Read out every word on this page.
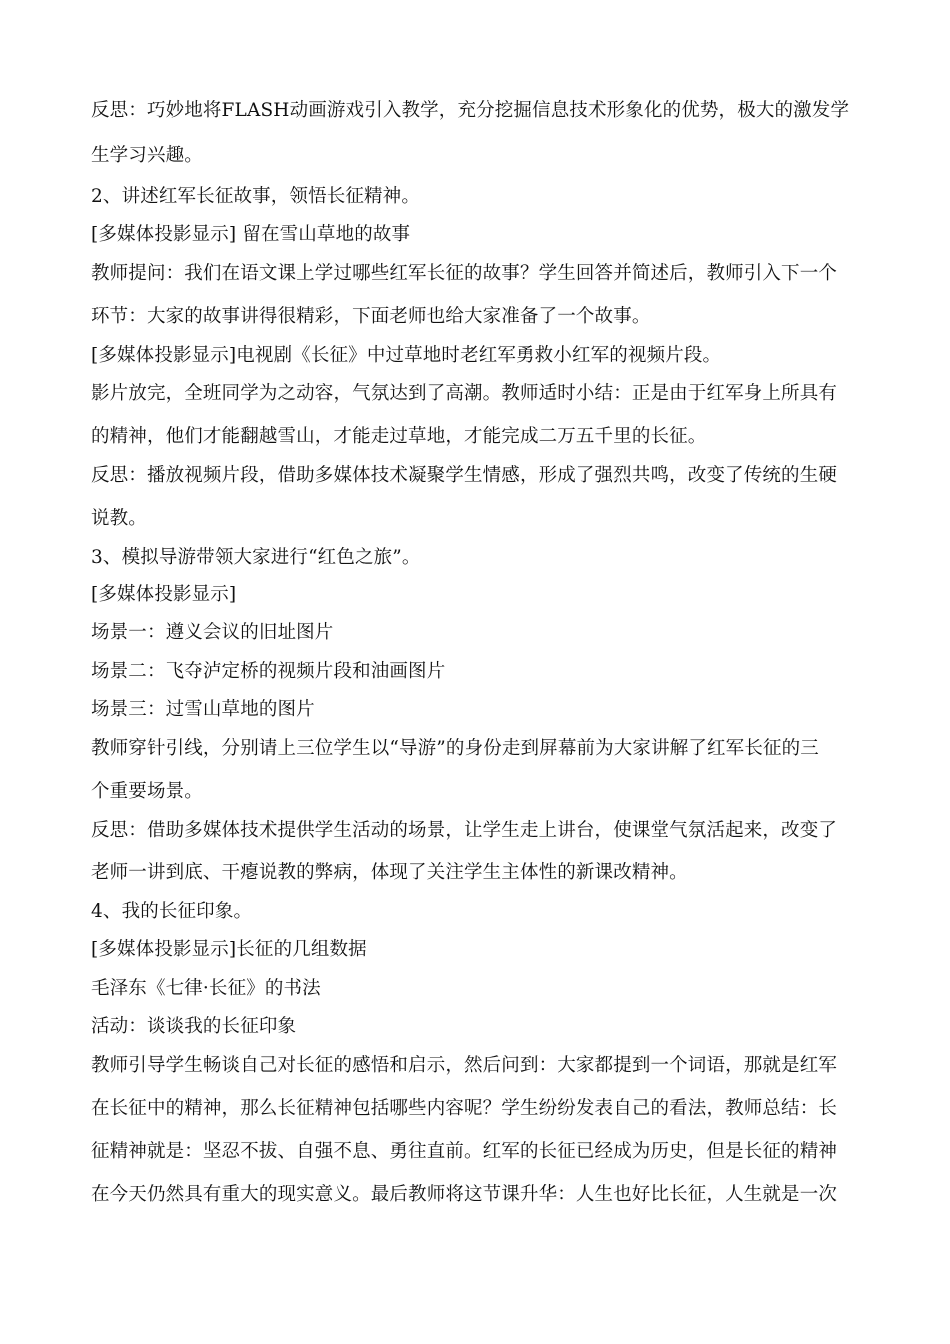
反思：巧妙地将FLASH动画游戏引入教学，充分挖掘信息技术形象化的优势，极大的激发学
生学习兴趣。
2、讲述红军长征故事，领悟长征精神。
[多媒体投影显示] 留在雪山草地的故事
教师提问：我们在语文课上学过哪些红军长征的故事？学生回答并简述后，教师引入下一个
环节：大家的故事讲得很精彩，下面老师也给大家准备了一个故事。
[多媒体投影显示]电视剧《长征》中过草地时老红军勇救小红军的视频片段。
影片放完，全班同学为之动容，气氛达到了高潮。教师适时小结：正是由于红军身上所具有
的精神，他们才能翻越雪山，才能走过草地，才能完成二万五千里的长征。
反思：播放视频片段，借助多媒体技术凝聚学生情感，形成了强烈共鸣，改变了传统的生硬
说教。
3、模拟导游带领大家进行“红色之旅”。
[多媒体投影显示]
场景一：遵义会议的旧址图片
场景二：飞夺泸定桥的视频片段和油画图片
场景三：过雪山草地的图片
教师穿针引线，分别请上三位学生以“导游”的身份走到屏幕前为大家讲解了红军长征的三
个重要场景。
反思：借助多媒体技术提供学生活动的场景，让学生走上讲台，使课堂气氛活起来，改变了
老师一讲到底、干瘪说教的弊病，体现了关注学生主体性的新课改精神。
4、我的长征印象。
[多媒体投影显示]长征的几组数据
毛泽东《七律·长征》的书法
活动：谈谈我的长征印象
教师引导学生畅谈自己对长征的感悟和启示，然后问到：大家都提到一个词语，那就是红军
在长征中的精神，那么长征精神包括哪些内容呢？学生纷纷发表自己的看法，教师总结：长
征精神就是：坚忍不拔、自强不息、勇往直前。红军的长征已经成为历史，但是长征的精神
在今天仍然具有重大的现实意义。最后教师将这节课升华：人生也好比长征，人生就是一次
